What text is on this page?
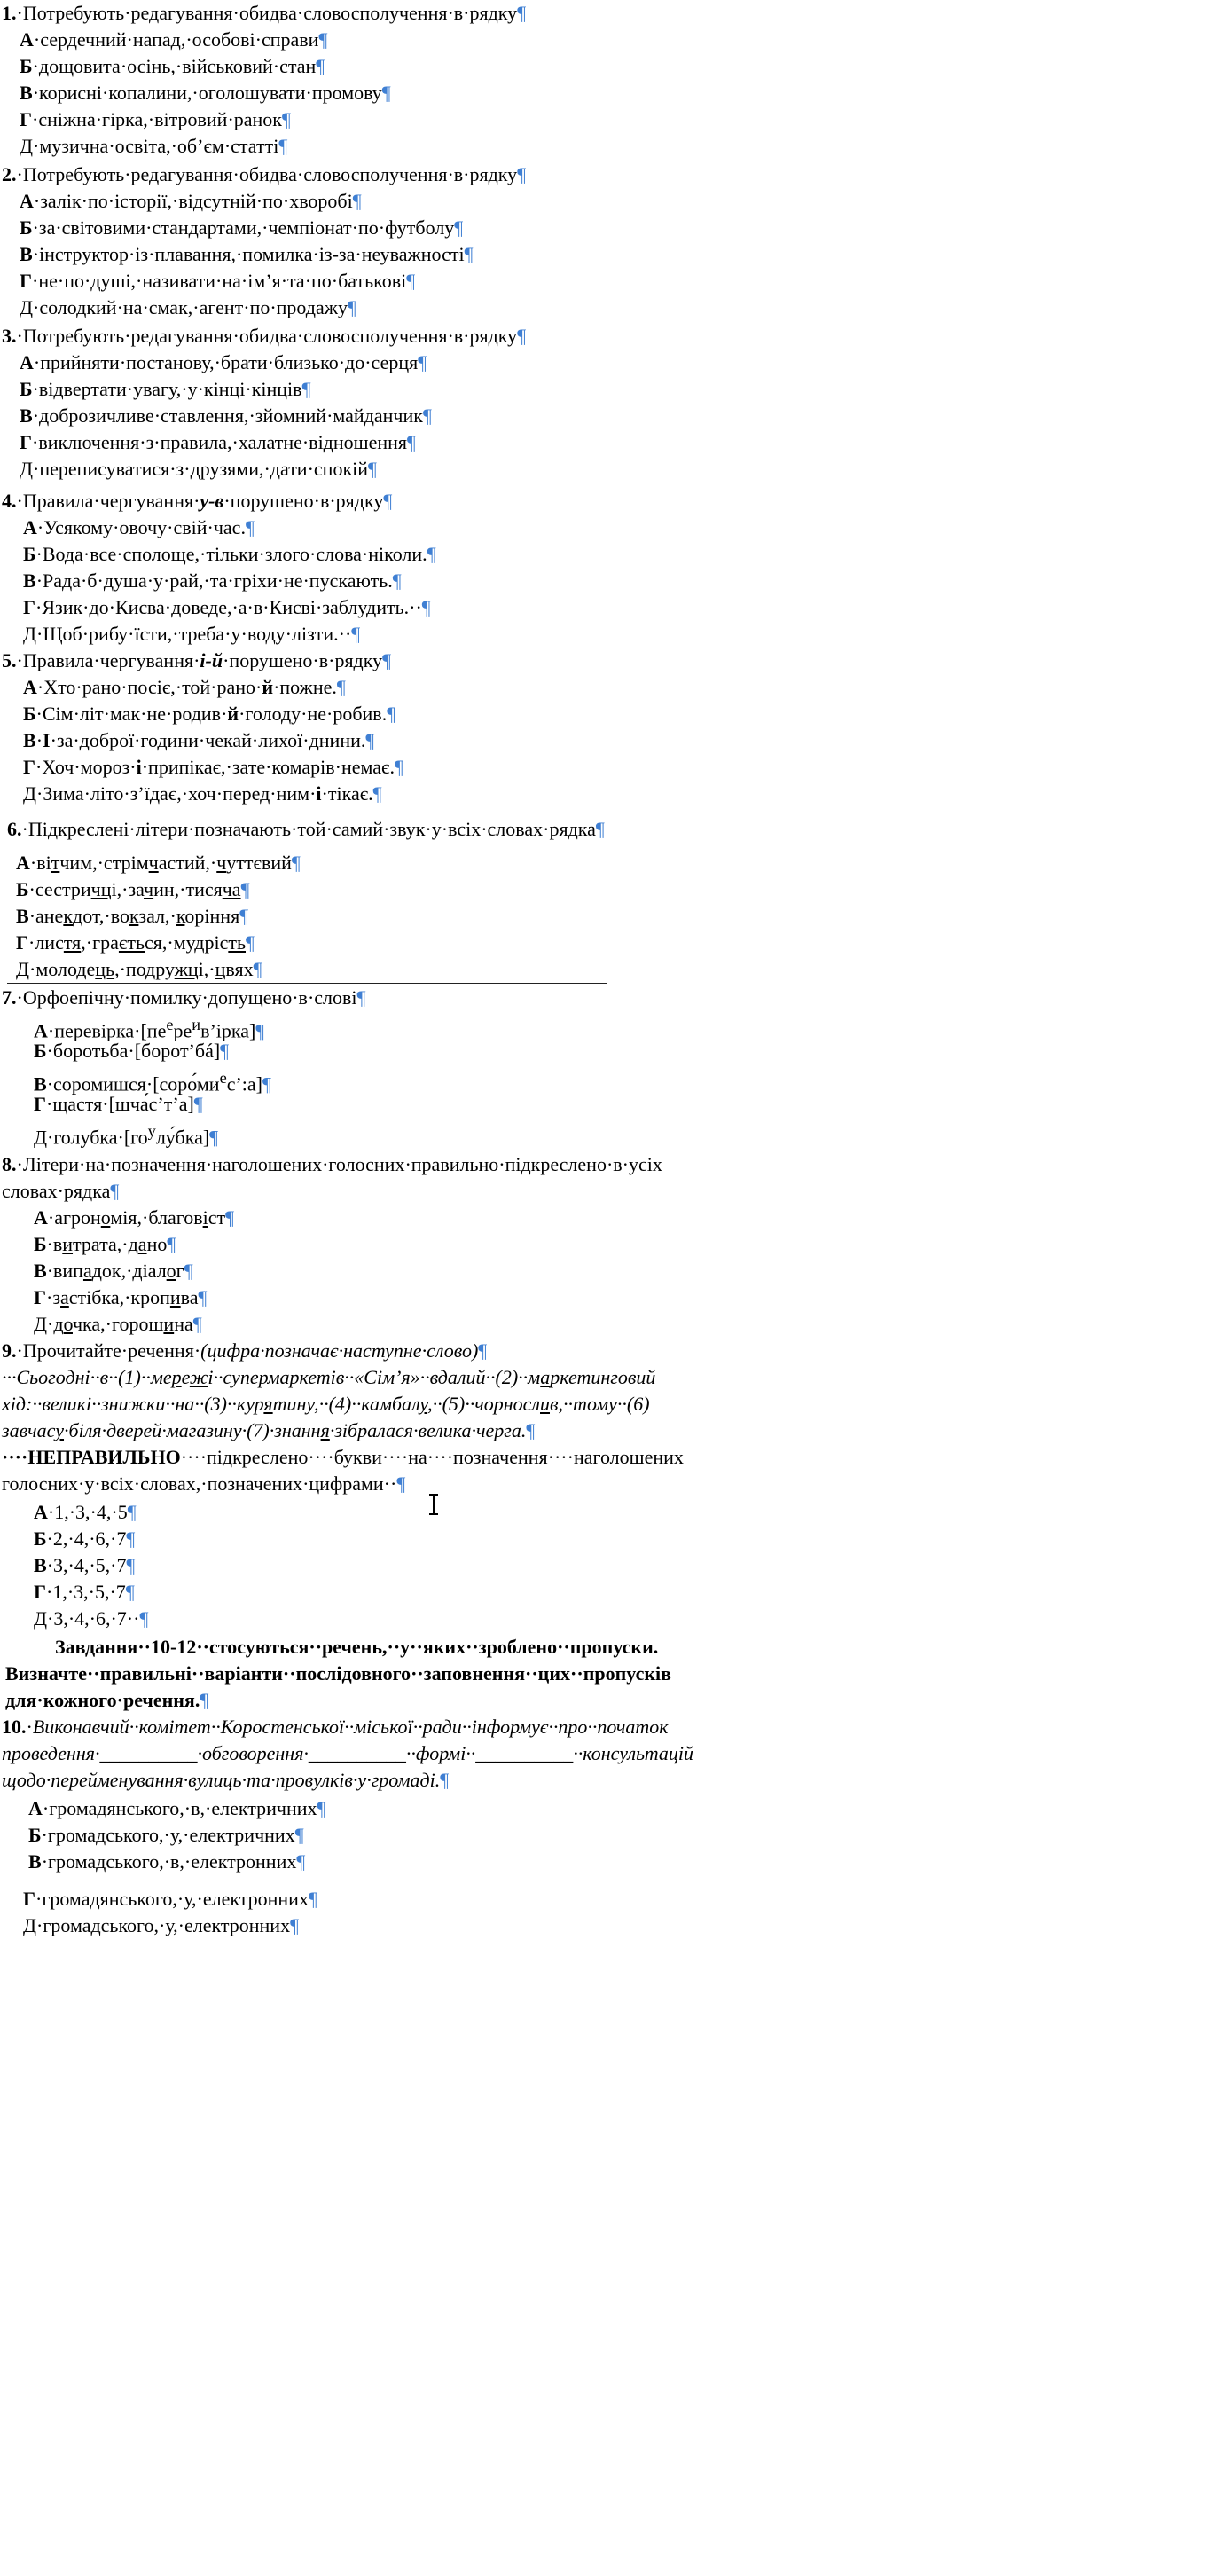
1.·Потребують·редагування·обидва·словосполучення·в·рядку¶
А·сердечний·напад,·особові·справи¶
Б·дощовита·осінь,·військовий·стан¶
В·корисні·копалини,·оголошувати·промову¶
Г·сніжна·гірка,·вітровий·ранок¶
Д·музична·освіта,·об’єм·статті¶
2.·Потребують·редагування·обидва·словосполучення·в·рядку¶
А·залік·по·історії,·відсутній·по·хворобі¶
Б·за·світовими·стандартами,·чемпіонат·по·футболу¶
В·інструктор·із·плавання,·помилка·із-за·неуважності¶
Г·не·по·душі,·називати·на·ім’я·та·по·батькові¶
Д·солодкий·на·смак,·агент·по·продажу¶
3.·Потребують·редагування·обидва·словосполучення·в·рядку¶
А·прийняти·постанову,·брати·близько·до·серця¶
Б·відвертати·увагу,·у·кінці·кінців¶
В·доброзичливе·ставлення,·зйомний·майданчик¶
Г·виключення·з·правила,·халатне·відношення¶
Д·переписуватися·з·друзями,·дати·спокій¶
4.·Правила·чергування·у-в·порушено·в·рядку¶
А·Усякому·овочу·свій·час.¶
Б·Вода·все·сполоще,·тільки·злого·слова·ніколи.¶
В·Рада·б·душа·у·рай,·та·гріхи·не·пускають.¶
Г·Язик·до·Києва·доведе,·а·в·Києві·заблудить.··¶
Д·Щоб·рибу·їсти,·треба·у·воду·лізти.··¶
5.·Правила·чергування·і-й·порушено·в·рядку¶
А·Хто·рано·посіє,·той·рано·й·пожне.¶
Б·Сім·літ·мак·не·родив·й·голоду·не·робив.¶
В·І·за·доброї·години·чекай·лихої·днини.¶
Г·Хоч·мороз·і·припікає,·зате·комарів·немає.¶
Д·Зима·літо·з’їдає,·хоч·перед·ним·і·тікає.¶
6.·Підкреслені·літери·позначають·той·самий·звук·у·всіх·словах·рядка¶
А·вітчим,·стрімчастий,·чуттєвий¶
Б·сестричці,·зачин,·тисяча¶
В·анекдот,·вокзал,·коріння¶
Г·листя,·грається,·мудрість¶
Д·молодець,·подружці,·цвях¶
7.·Орфоепічну·помилку·допущено·в·слові¶
$А\cdot перевірка\cdot[пе^ере^ив’ірка]\P$
Б·боротьба·[борот’бá]¶
$В\cdot соромишся\cdot[соро́ми^ес’:а]\P$
Г·щастя·[шча́с’т’а]¶
$Д\cdot голубка\cdot[го^улу́бка]\P$
8.·Літери·на·позначення·наголошених·голосних·правильно·підкреслено·в·усіх
словах·рядка¶
А·агрономія,·благовіст¶
Б·витрата,·дано¶
В·випадок,·діалог¶
Г·застібка,·кропива¶
Д·дочка,·горошина¶
9.·Прочитайте·речення·(цифра·позначає·наступне·слово)¶
···Сьогодні··в··(1)··мережі··супермаркетів··«Сім’я»··вдалий··(2)··маркетинговий
хід:··великі··знижки··на··(3)··курятину,··(4)··камбалу,··(5)··чорнослив,··тому··(6)
завчасу·біля·дверей·магазину·(7)·знання·зібралася·велика·черга.¶
····НЕПРАВИЛЬНО····підкреслено····букви····на····позначення····наголошених
голосних·у·всіх·словах,·позначених·цифрами··¶
А·1,·3,·4,·5¶
Б·2,·4,·6,·7¶
В·3,·4,·5,·7¶
Г·1,·3,·5,·7¶
Д·3,·4,·6,·7··¶
Завдання··10-12··стосуються··речень,··у··яких··зроблено··пропуски.
Визначте··правильні··варіанти··послідовного··заповнення··цих··пропусків
для·кожного·речення.¶
10.·Виконавчий··комітет··Коростенської··міської··ради··інформує··про··початок
проведення·__________·обговорення·__________··формі··__________··консультацій
щодо·перейменування·вулиць·та·провулків·у·громаді.¶
А·громадянського,·в,·електричних¶
Б·громадського,·у,·електричних¶
В·громадського,·в,·електронних¶
Г·громадянського,·у,·електронних¶
Д·громадського,·у,·електронних¶
